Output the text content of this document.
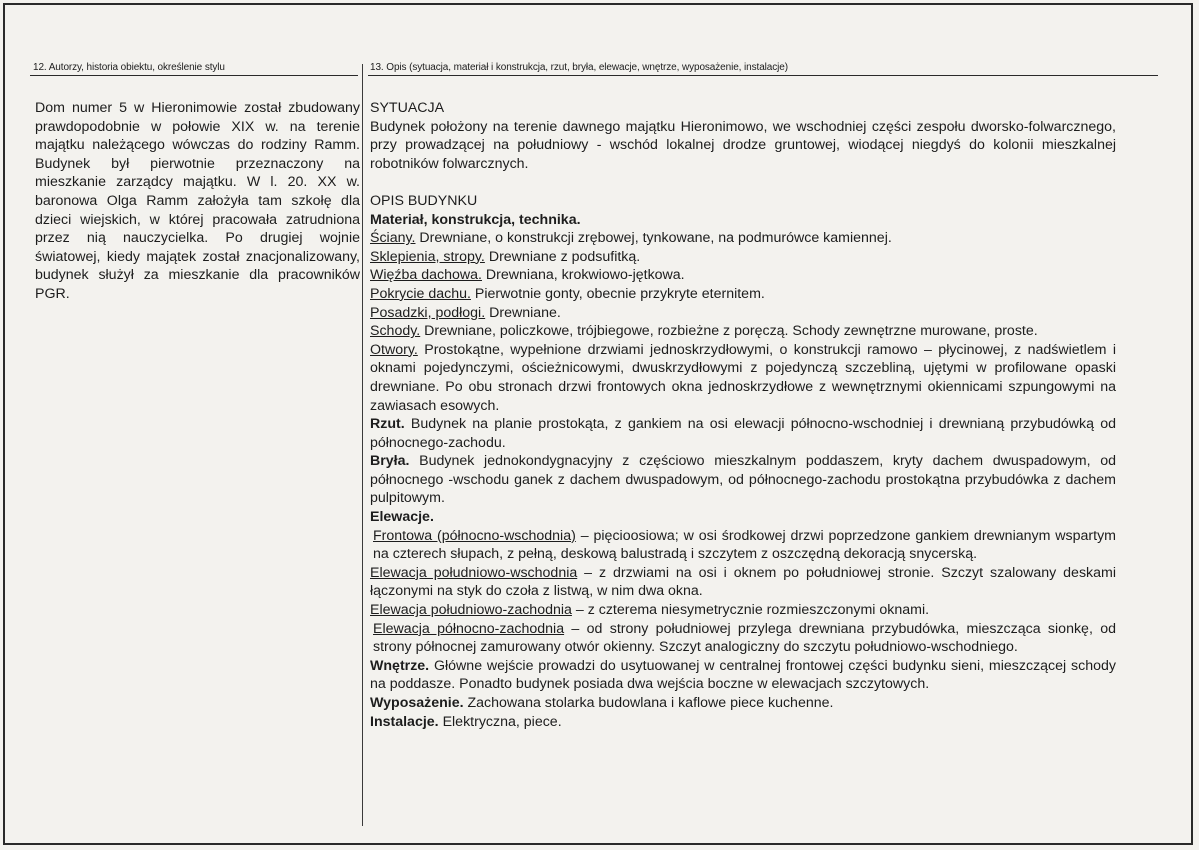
12. Autorzy, historia obiektu, określenie stylu	13. Opis (sytuacja, materiał i konstrukcja, rzut, bryła, elewacje, wnętrze, wyposażenie, instalacje)

Dom numer 5 w Hieronimowie został zbudowany prawdopodobnie w połowie XIX w. na terenie majątku należącego wówczas do rodziny Ramm. Budynek był pierwotnie przeznaczony na mieszkanie zarządcy majątku. W l. 20. XX w. baronowa Olga Ramm założyła tam szkołę dla dzieci wiejskich, w której pracowała zatrudniona przez nią nauczycielka. Po drugiej wojnie światowej, kiedy majątek został znacjonalizowany, budynek służył za mieszkanie dla pracowników PGR.

SYTUACJA

Budynek położony na terenie dawnego majątku Hieronimowo, we wschodniej części zespołu dworsko-folwarcznego, przy prowadzącej na południowy - wschód lokalnej drodze gruntowej, wiodącej niegdyś do kolonii mieszkalnej robotników folwarcznych.

OPIS BUDYNKU

Materiał, konstrukcja, technika.

Ściany. Drewniane, o konstrukcji zrębowej, tynkowane, na podmurówce kamiennej.

Sklepienia, stropy. Drewniane z podsufitką.

Więźba dachowa. Drewniana, krokwiowo-jętkowa.

Pokrycie dachu. Pierwotnie gonty, obecnie przykryte eternitem.

Posadzki, podłogi. Drewniane.

Schody. Drewniane, policzkowe, trójbiegowe, rozbieżne z poręczą. Schody zewnętrzne murowane, proste.

Otwory. Prostokątne, wypełnione drzwiami jednoskrzydłowymi, o konstrukcji ramowo – płycinowej, z nadświetlem i oknami pojedynczymi, ościeżnicowymi, dwuskrzydłowymi z pojedynczą szczebliną, ujętymi w profilowane opaski drewniane. Po obu stronach drzwi frontowych okna jednoskrzydłowe z wewnętrznymi okiennicami szpungowymi na zawiasach esowych.

Rzut. Budynek na planie prostokąta, z gankiem na osi elewacji północno-wschodniej i drewnianą przybudówką od północnego-zachodu.

Bryła. Budynek jednokondygnacyjny z częściowo mieszkalnym poddaszem, kryty dachem dwuspadowym, od północnego -wschodu ganek z dachem dwuspadowym, od północnego-zachodu prostokątna przybudówka z dachem pulpitowym.

Elewacje.

Frontowa (północno-wschodnia) – pięcioosiowa; w osi środkowej drzwi poprzedzone gankiem drewnianym wspartym na czterech słupach, z pełną, deskową balustradą i szczytem z oszczędną dekoracją snycerską.

Elewacja południowo-wschodnia – z drzwiami na osi i oknem po południowej stronie. Szczyt szalowany deskami łączonymi na styk do czoła z listwą, w nim dwa okna.

Elewacja południowo-zachodnia – z czterema niesymetrycznie rozmieszczonymi oknami.

Elewacja północno-zachodnia – od strony południowej przylega drewniana przybudówka, mieszcząca sionkę, od strony północnej zamurowany otwór okienny. Szczyt analogiczny do szczytu południowo-wschodniego.

Wnętrze. Główne wejście prowadzi do usytuowanej w centralnej frontowej części budynku sieni, mieszczącej schody na poddasze. Ponadto budynek posiada dwa wejścia boczne w elewacjach szczytowych.

Wyposażenie. Zachowana stolarka budowlana i kaflowe piece kuchenne.

Instalacje. Elektryczna, piece.
